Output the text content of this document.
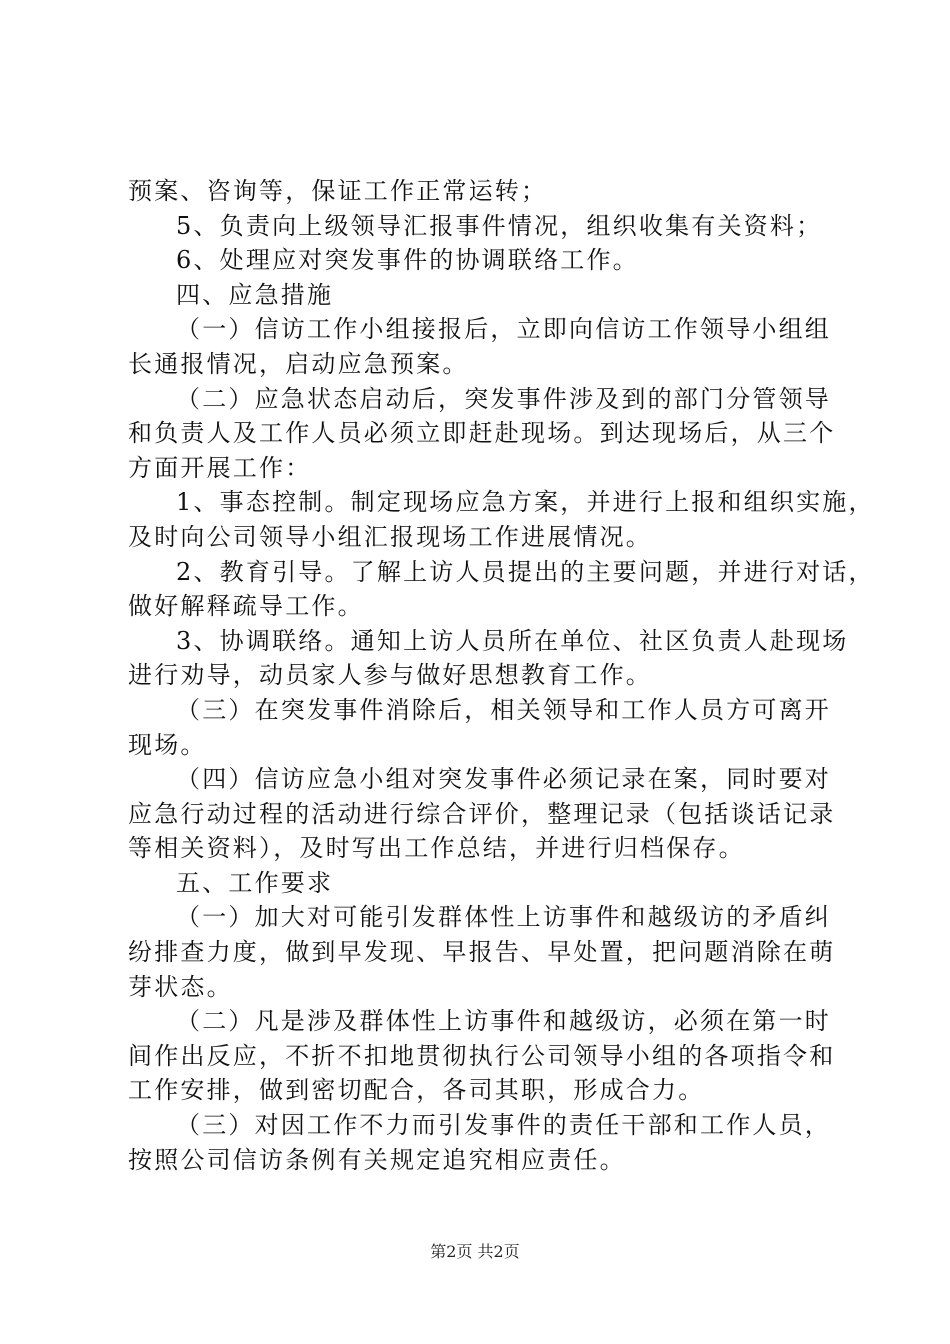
预案、咨询等，保证工作正常运转；
5、负责向上级领导汇报事件情况，组织收集有关资料；
6、处理应对突发事件的协调联络工作。
四、应急措施
（一）信访工作小组接报后，立即向信访工作领导小组组
长通报情况，启动应急预案。
（二）应急状态启动后，突发事件涉及到的部门分管领导
和负责人及工作人员必须立即赶赴现场。到达现场后，从三个
方面开展工作：
1、事态控制。制定现场应急方案，并进行上报和组织实施，
及时向公司领导小组汇报现场工作进展情况。
2、教育引导。了解上访人员提出的主要问题，并进行对话，
做好解释疏导工作。
3、协调联络。通知上访人员所在单位、社区负责人赴现场
进行劝导，动员家人参与做好思想教育工作。
（三）在突发事件消除后，相关领导和工作人员方可离开
现场。
（四）信访应急小组对突发事件必须记录在案，同时要对
应急行动过程的活动进行综合评价，整理记录（包括谈话记录
等相关资料），及时写出工作总结，并进行归档保存。
五、工作要求
（一）加大对可能引发群体性上访事件和越级访的矛盾纠
纷排查力度，做到早发现、早报告、早处置，把问题消除在萌
芽状态。
（二）凡是涉及群体性上访事件和越级访，必须在第一时
间作出反应，不折不扣地贯彻执行公司领导小组的各项指令和
工作安排，做到密切配合，各司其职，形成合力。
（三）对因工作不力而引发事件的责任干部和工作人员，
按照公司信访条例有关规定追究相应责任。
第2页 共2页
